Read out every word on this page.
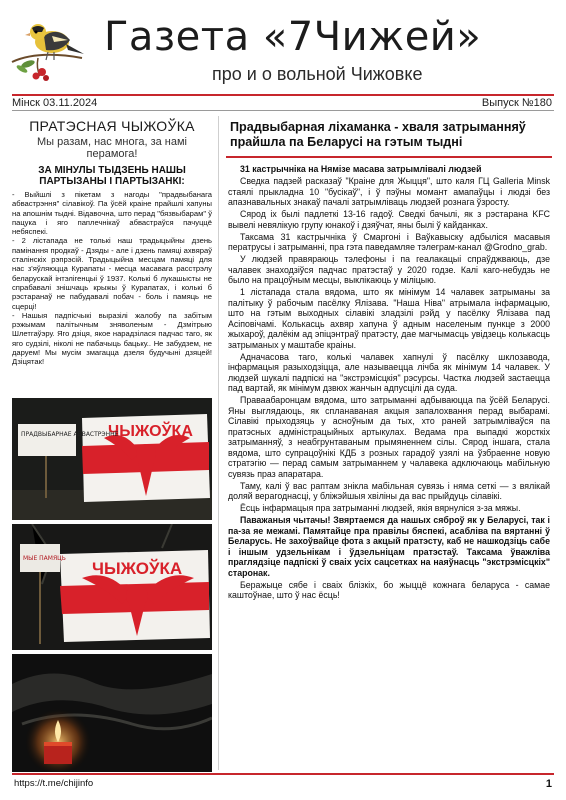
Газета «7Чижей»
про и о вольной Чижовке
Мінск 03.11.2024	Выпуск №180
ПРАТЭСНАЯ ЧЫЖОЎКА
Мы разам, нас многа, за намі перамога!
ЗА МІНУЛЫ ТЫДЗЕНЬ НАШЫ ПАРТЫЗАНЫ І ПАРТЫЗАНКІ:

- Выйшлі з пікетам з нагоды "прадвыбанага абвастрэння" сілавікоў. Па ўсёй краіне прайшлі хапуны на апошнім тыдні. Відавочна, што перад "бязвыбарам" ў пацука і яго паплечнікаў абвастраўся пачуццё небяспекі.

- 2 лістапада не толькі наш традыцыйны дзень памінання продкаў - Дзяды - але і дзень памяці ахвяраў сталінскіх рэпрэсій. Традыцыйна месцам памяці для нас з'яўляюцца Курапаты - месца масавага расстрэлу беларускай інтэлігенцыі ў 1937. Колькі б лукашысты не спрабавалі знішчаць крыжы ў Курапатах, і колькі б рэстаранаў не пабудавалі побач - боль і памяць не сцерці!

- Нашыя падпісчыкі выразілі жалобу па забітым рэжымам палітычным зняволеным - Дзмітрыю Шлетгаўэру. Яго дзіця, якое нарадзілася падчас таго, як яго судзілі, ніколі не пабачыць бацьку.. Не забудзем, не даруем! Мы мусім змагацца дзеля будучыні дзяцей! Дзіцятак!

ЧЫЖОЎКА
ПРАДВЫБАРНАЕ АБВАСТРЭННЕ
ЧЫЖОЎКА
МЫЕ ПАМЯЦЬ
Прадвыбарная ліхаманка - хваля затрыманняў прайшла па Беларусі на гэтым тыдні

31 кастрычніка на Нямізе масава затрымлівалі людзей

Сведка падзей расказаў "Краіне для Жыцця", што каля ГЦ Galleria Minsk стаялі прыкладна 10 "бусікаў", і ў пэўны момант амапаўцы і людзі без апазнавальных знакаў пачалі затрымліваць людзей рознага ўзросту.

Сярод іх былі падлеткі 13-16 гадоў. Сведкі бачылі, як з рэстарана KFC вывелі невялікую групу юнакоў і дзяўчат, яны былі ў кайданках.

Таксама 31 кастрычніка ў Смаргоні і Ваўкавыску адбыліся масавыя ператрусы і затрыманні, пра гэта паведамляе тэлеграм-канал @Grodno_grab.

У людзей правяраюць тэлефоны і па геалакацыі спраўджваюць, дзе чалавек знаходзіўся падчас пратэстаў у 2020 годзе. Калі каго-небудзь не было на працоўным месцы, выклікаюць у міліцыю.

1 лістапада стала вядома, што як мінімум 14 чалавек затрыманы за палітыку ў рабочым пасёлку Ялізава. "Наша Ніва" атрымала інфармацыю, што на гэтым выходных сілавікі зладзілі рэйд у пасёлку Ялізава пад Асіповічамі. Колькасць ахвяр хапуна ў адным населеным пункце з 2000 жыхароў, далёкім ад эпіцэнтраў пратэсту, дае магчымасць увідзець колькасць затрыманых у маштабе краіны.

Адначасова таго, колькі чалавек хапнулі ў пасёлку шклозавода, інфармацыя разыходзіцца, але называецца лічба як мінімум 14 чалавек. У людзей шукалі падпіскі на "экстрэмісцкія" рэсурсы. Частка людзей застаецца пад вартай, як мінімум дзвюх жанчын адпусцілі да суда.

Праваабаронцам вядома, што затрыманні адбываюцца па ўсёй Беларусі. Яны выглядаюць, як спланаваная акцыя запалохвання перад выбарамі. Сілавікі прыходзяць у асноўным да тых, хто раней затрымліваўся па пратэсных адміністрацыйных артыкулах. Ведама пра выпадкі жорсткіх затрыманняў, з неабгрунтаваным прымяненнем сілы. Сярод іншага, стала вядома, што супрацоўнікі КДБ з розных гарадоў узялі на ўзбраенне новую стратэгію — перад самым затрыманнем у чалавека адключаюць мабільную сувязь праз апаратара.

Таму, калі ў вас раптам знікла мабільная сувязь і няма сеткі — з вялікай доляй верагоднасці, у бліжэйшыя хвіліны да вас прыйдуць сілавікі.

Ёсць інфармацыя пра затрыманні людзей, якія вярнуліся з-за мяжы.

Паважаныя чытачы! Звяртаемся да нашых сяброў як у Беларусі, так і па-за яе межамі. Памятайце пра правілы бяспекі, асабліва па вяртанні ў Беларусь. Не захоўвайце фота з акцый пратэсту, каб не нашкодзіць сабе і іншым удзельнікам і ўдзельніцам пратэстаў. Таксама ўважліва праглядзіце падпіскі ў сваіх усіх сацсетках на наяўнасць "экстрэмісцкіх" старонак.

Беражыце сябе і сваіх блізкіх, бо жыццё кожнага беларуса - самае каштоўнае, што ў нас ёсць!

https://t.me/chijinfo	1
